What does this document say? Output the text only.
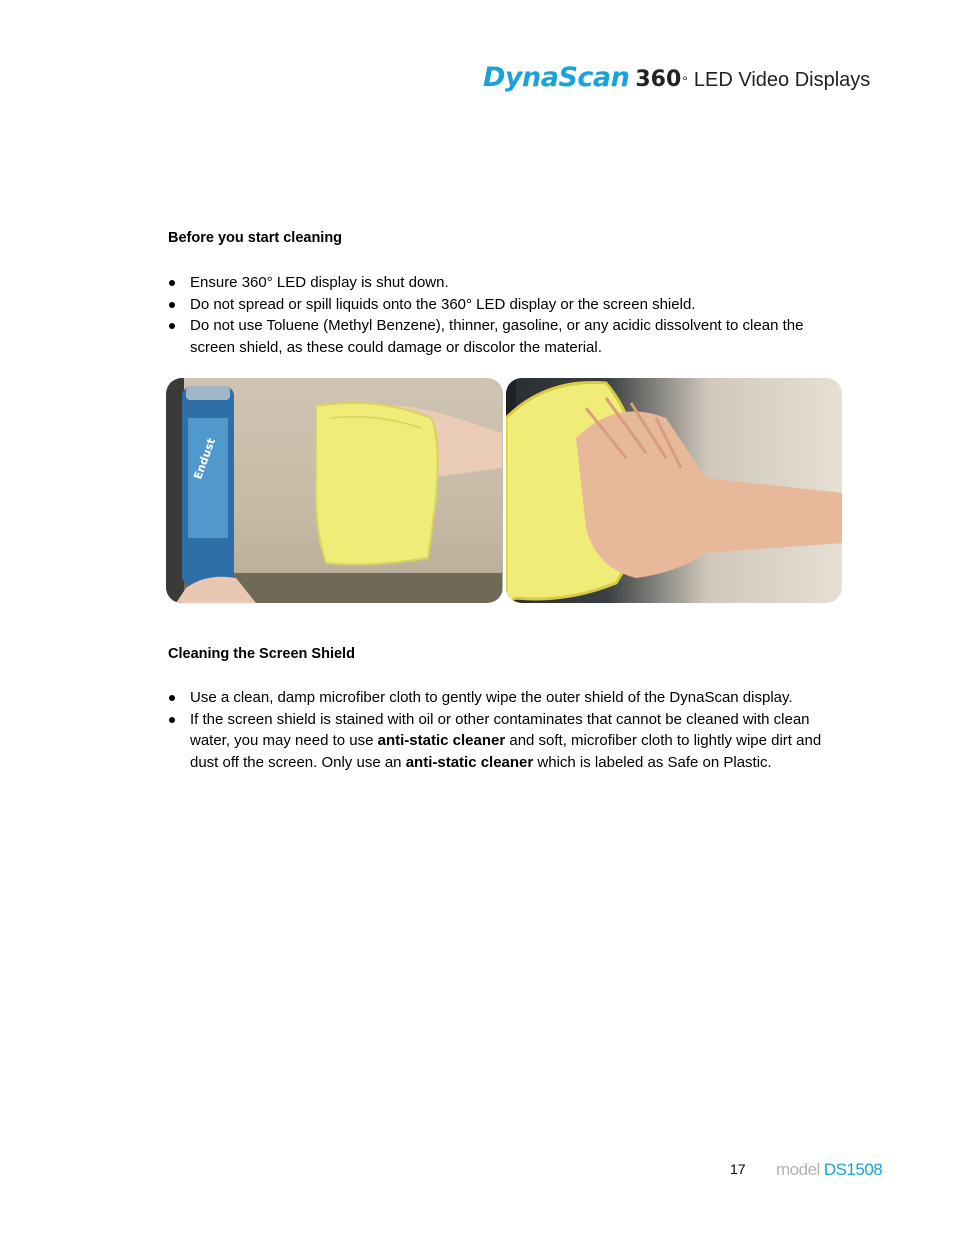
DynaScan 360 ° LED Video Displays
Before you start cleaning
Ensure 360° LED display is shut down.
Do not spread or spill liquids onto the 360° LED display or the screen shield.
Do not use Toluene (Methyl Benzene), thinner, gasoline, or any acidic dissolvent to clean the screen shield, as these could damage or discolor the material.
Endust
Cleaning the Screen Shield
Use a clean, damp microfiber cloth to gently wipe the outer shield of the DynaScan display.
If the screen shield is stained with oil or other contaminates that cannot be cleaned with clean water, you may need to use anti-static cleaner and soft, microfiber cloth to lightly wipe dirt and dust off the screen. Only use an anti-static cleaner which is labeled as Safe on Plastic.
17 model DS1508
